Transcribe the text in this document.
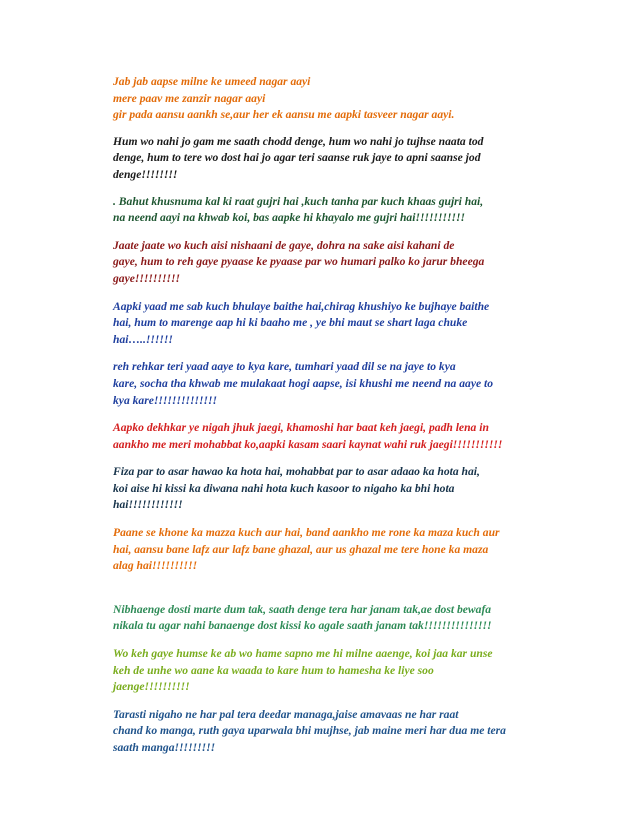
Jab jab aapse milne ke umeed nagar aayi
mere paav me zanzir nagar aayi
gir pada aansu aankh se,aur her ek aansu me aapki tasveer nagar aayi.

Hum wo nahi jo gam me saath chodd denge, hum wo nahi jo tujhse naata tod
denge, hum to tere wo dost hai jo agar teri saanse ruk jaye to apni saanse jod
denge!!!!!!!!

. Bahut khusnuma kal ki raat gujri hai ,kuch tanha par kuch khaas gujri hai,
na neend aayi na khwab koi, bas aapke hi khayalo me gujri hai!!!!!!!!!!!

Jaate jaate wo kuch aisi nishaani de gaye, dohra na sake aisi kahani de
gaye, hum to reh gaye pyaase ke pyaase par wo humari palko ko jarur bheega
gaye!!!!!!!!!!

Aapki yaad me sab kuch bhulaye baithe hai,chirag khushiyo ke bujhaye baithe
hai, hum to marenge aap hi ki baaho me , ye bhi maut se shart laga chuke
hai…..!!!!!!

reh rehkar teri yaad aaye to kya kare, tumhari yaad dil se na jaye to kya
kare, socha tha khwab me mulakaat hogi aapse, isi khushi me neend na aaye to
kya kare!!!!!!!!!!!!!!

Aapko dekhkar ye nigah jhuk jaegi, khamoshi har baat keh jaegi, padh lena in
aankho me meri mohabbat ko,aapki kasam saari kaynat wahi ruk jaegi!!!!!!!!!!!

Fiza par to asar hawao ka hota hai, mohabbat par to asar adaao ka hota hai,
koi aise hi kissi ka diwana nahi hota kuch kasoor to nigaho ka bhi hota
hai!!!!!!!!!!!!

Paane se khone ka mazza kuch aur hai, band aankho me rone ka maza kuch aur
hai, aansu bane lafz aur lafz bane ghazal, aur us ghazal me tere hone ka maza
alag hai!!!!!!!!!!

Nibhaenge dosti marte dum tak, saath denge tera har janam tak,ae dost bewafa
nikala tu agar nahi banaenge dost kissi ko agale saath janam tak!!!!!!!!!!!!!!!

Wo keh gaye humse ke ab wo hame sapno me hi milne aaenge, koi jaa kar unse
keh de unhe wo aane ka waada to kare hum to hamesha ke liye soo
jaenge!!!!!!!!!!

Tarasti nigaho ne har pal tera deedar managa,jaise amavaas ne har raat
chand ko manga, ruth gaya uparwala bhi mujhse, jab maine meri har dua me tera
saath manga!!!!!!!!!
